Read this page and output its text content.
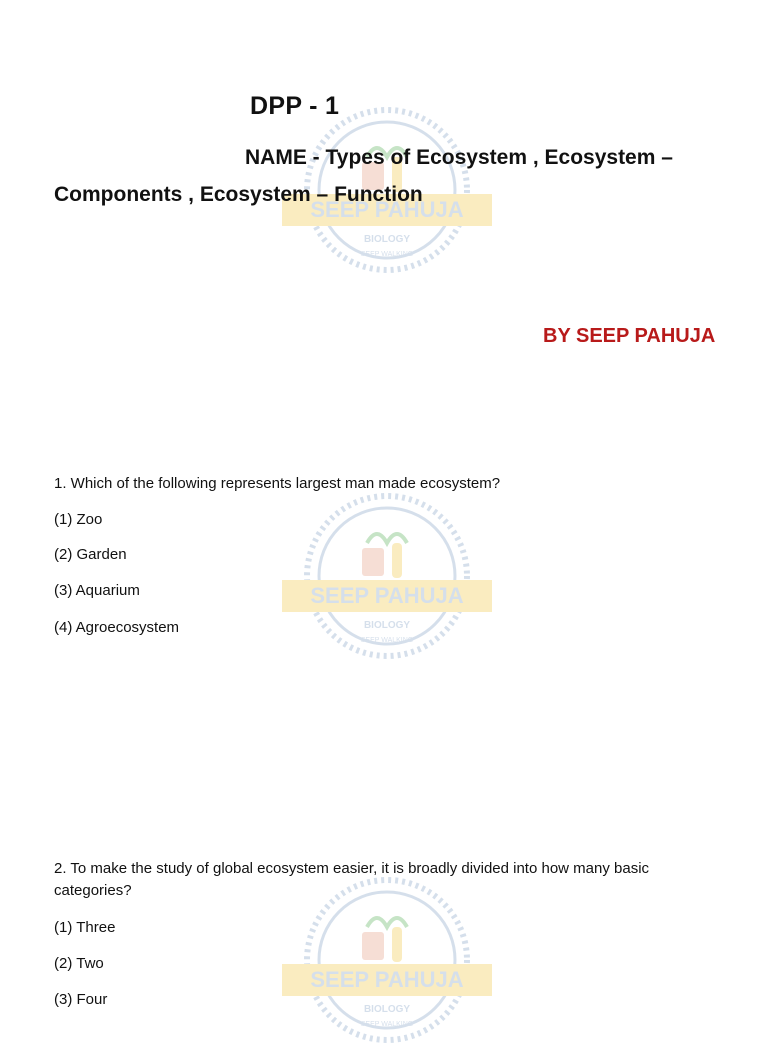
SEEP PAHUJA
BIOLOGY
SEEP WALKING
SEEP PAHUJA
BIOLOGY
SEEP WALKING
SEEP PAHUJA
BIOLOGY
SEEP WALKING
DPP - 1
NAME - Types of Ecosystem , Ecosystem –
Components , Ecosystem – Function
BY SEEP PAHUJA
1. Which of the following represents largest man made ecosystem?
(1) Zoo
(2) Garden
(3) Aquarium
(4) Agroecosystem
2. To make the study of global ecosystem easier, it is broadly divided into how many basic
categories?
(1) Three
(2) Two
(3) Four
